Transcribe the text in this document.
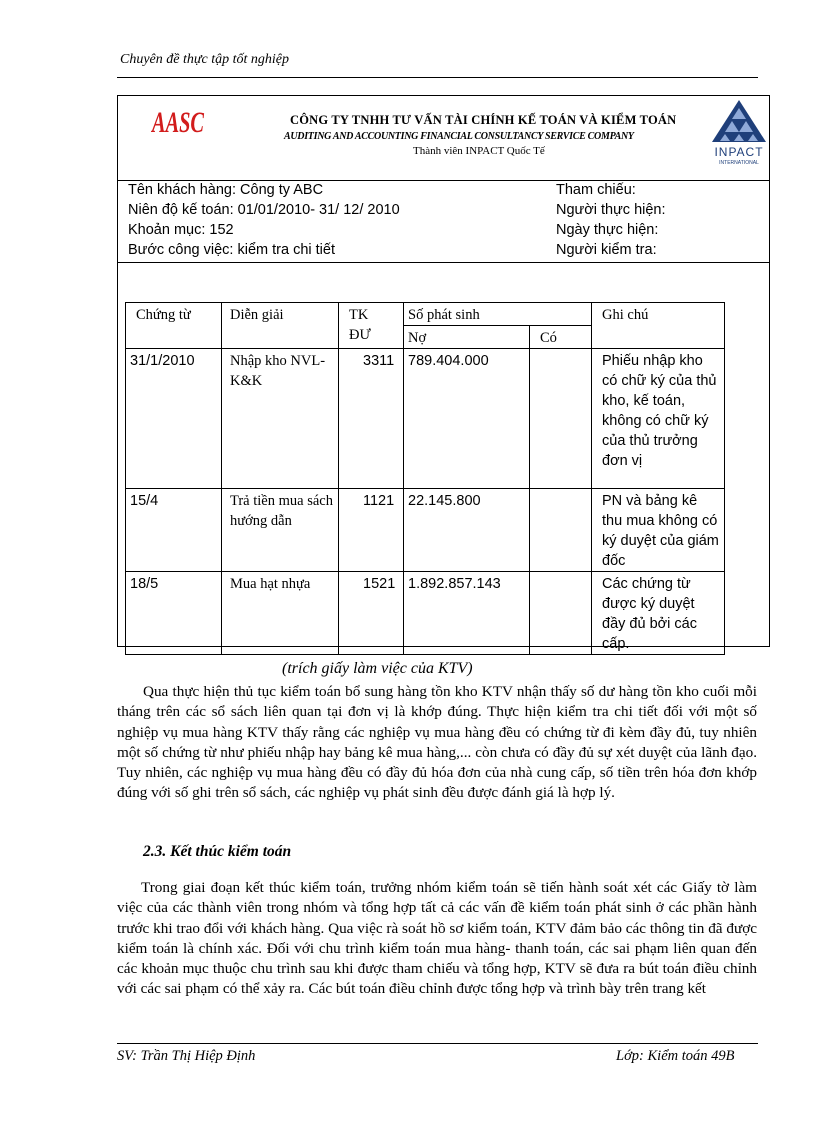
Chuyên đề thực tập tốt nghiệp
AASC	CÔNG TY TNHH TƯ VẤN TÀI CHÍNH KẾ TOÁN VÀ KIỂM TOÁN
AUDITING AND ACCOUNTING FINANCIAL CONSULTANCY SERVICE COMPANY
Thành viên INPACT Quốc Tế	INPACT
INTERNATIONAL
Tên khách hàng: Công ty ABC
Niên độ kế toán: 01/01/2010- 31/ 12/ 2010
Khoản mục: 152
Bước công việc: kiểm tra chi tiết
Tham chiếu:
Người thực hiện:
Ngày thực hiện:
Người kiểm tra:
Chứng từ	Diễn giải	TK ĐƯ	Số phát sinh		Ghi chú
			Nợ	Có	
31/1/2010	Nhập kho NVL- K&K	3311	789.404.000		Phiếu nhập kho có chữ ký của thủ kho, kế toán, không có chữ ký của thủ trưởng đơn vị
15/4	Trả tiền mua sách hướng dẫn	1121	22.145.800		PN và bảng kê thu mua không có ký duyệt của giám đốc
18/5	Mua hạt nhựa	1521	1.892.857.143		Các chứng từ được ký duyệt đầy đủ bởi các cấp.
(trích giấy làm việc của KTV)
Qua thực hiện thủ tục kiểm toán bổ sung hàng tồn kho KTV nhận thấy số dư hàng tồn kho cuối mỗi tháng trên các sổ sách liên quan tại đơn vị là khớp đúng. Thực hiện kiểm tra chi tiết đối với một số nghiệp vụ mua hàng KTV thấy rằng các nghiệp vụ mua hàng đều có chứng từ đi kèm đầy đủ, tuy nhiên một số chứng từ như phiếu nhập hay bảng kê mua hàng,... còn chưa có đầy đủ sự xét duyệt của lãnh đạo. Tuy nhiên, các nghiệp vụ mua hàng đều có đầy đủ hóa đơn của nhà cung cấp, số tiền trên hóa đơn khớp đúng với số ghi trên sổ sách, các nghiệp vụ phát sinh đều được đánh giá là hợp lý.
2.3. Kết thúc kiểm toán
Trong giai đoạn kết thúc kiểm toán, trưởng nhóm kiểm toán sẽ tiến hành soát xét các Giấy tờ làm việc của các thành viên trong nhóm và tổng hợp tất cả các vấn đề kiểm toán phát sinh ở các phần hành trước khi trao đổi với khách hàng. Qua việc rà soát hồ sơ kiểm toán, KTV đảm bảo các thông tin đã được kiểm toán là chính xác. Đối với chu trình kiểm toán mua hàng- thanh toán, các sai phạm liên quan đến các khoản mục thuộc chu trình sau khi được tham chiếu và tổng hợp, KTV sẽ đưa ra bút toán điều chỉnh với các sai phạm có thể xảy ra. Các bút toán điều chỉnh được tổng hợp và trình bày trên trang kết
SV: Trần Thị Hiệp Định	Lớp: Kiểm toán 49B
